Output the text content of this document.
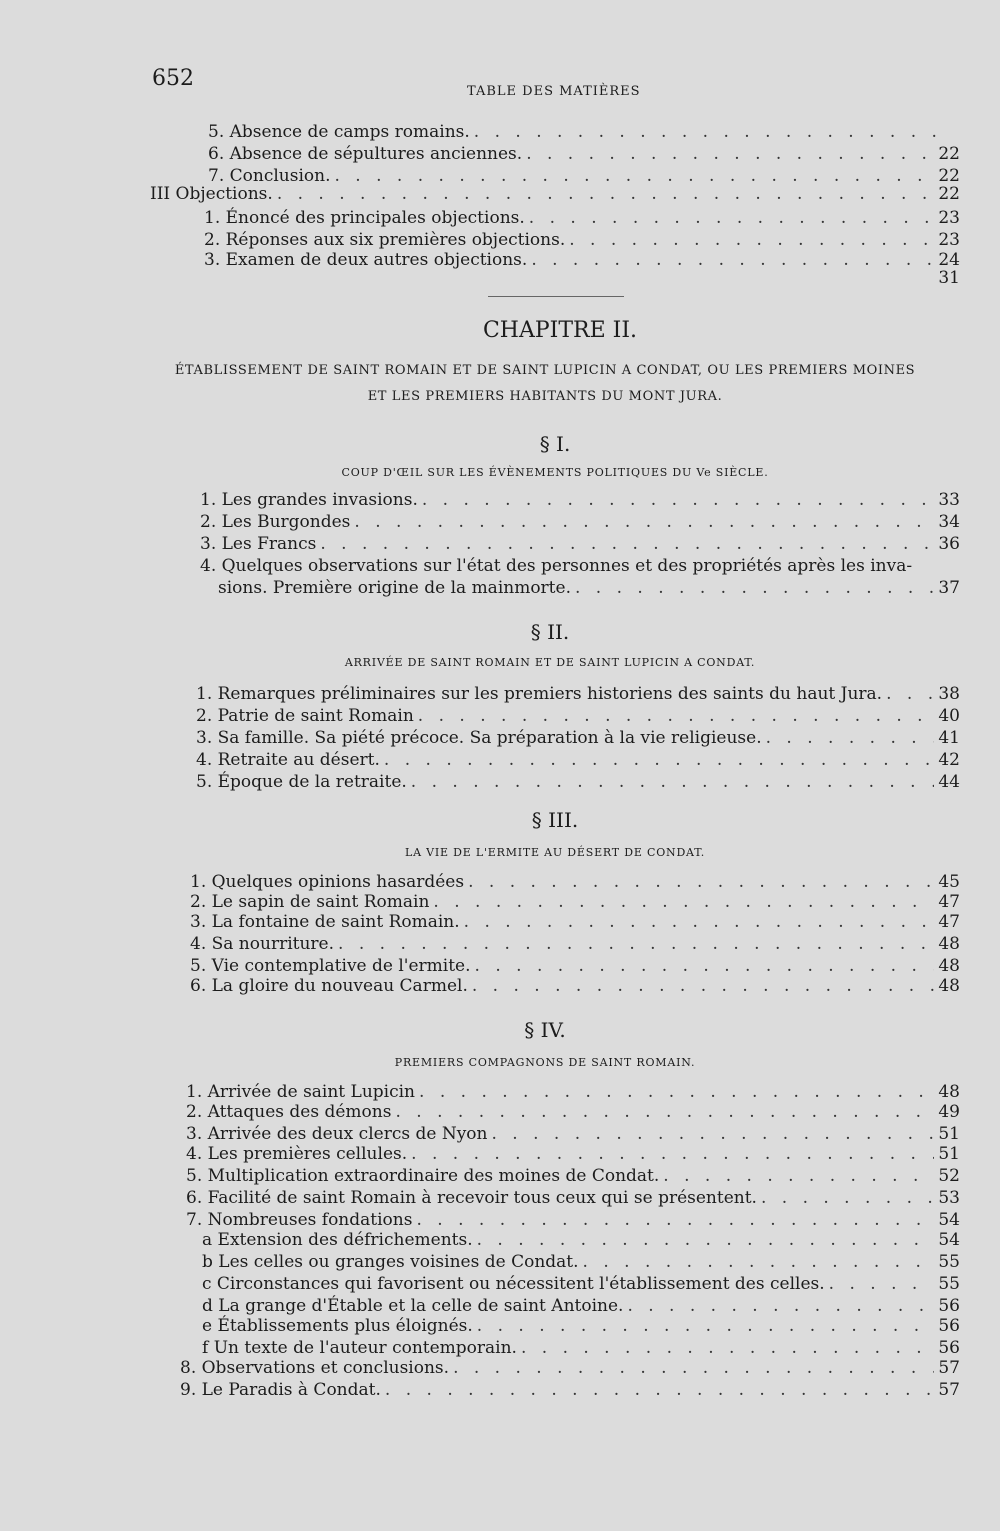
652
TABLE DES MATIÈRES
5. Absence de camps romains.
. . .
6. Absence de sépultures anciennes. . . .	22
7. Conclusion. . . .	22
III Objections. . . .	22
1. Énoncé des principales objections. . . .	23
2. Réponses aux six premières objections. . . .	23
3. Examen de deux autres objections. . . .	24
31
CHAPITRE II.
ÉTABLISSEMENT DE SAINT ROMAIN ET DE SAINT LUPICIN A CONDAT, OU LES PREMIERS MOINES
ET LES PREMIERS HABITANTS DU MONT JURA.
§ I.
COUP D'ŒIL SUR LES ÉVÈNEMENTS POLITIQUES DU Ve SIÈCLE.
1. Les grandes invasions. . . .	33
2. Les Burgondes . . .	34
3. Les Francs . . .	36
4. Quelques observations sur l'état des personnes et des propriétés après les inva-
sions. Première origine de la mainmorte. . . .	37
§ II.
ARRIVÉE DE SAINT ROMAIN ET DE SAINT LUPICIN A CONDAT.
1. Remarques préliminaires sur les premiers historiens des saints du haut Jura. . . .	38
2. Patrie de saint Romain . . .	40
3. Sa famille. Sa piété précoce. Sa préparation à la vie religieuse. . . .	41
4. Retraite au désert. . . .	42
5. Époque de la retraite. . . .	44
§ III.
LA VIE DE L'ERMITE AU DÉSERT DE CONDAT.
1. Quelques opinions hasardées . . .	45
2. Le sapin de saint Romain . . .	47
3. La fontaine de saint Romain. . . .	47
4. Sa nourriture. . . .	48
5. Vie contemplative de l'ermite. . . .	48
6. La gloire du nouveau Carmel. . . .	48
§ IV.
PREMIERS COMPAGNONS DE SAINT ROMAIN.
1. Arrivée de saint Lupicin . . .	48
2. Attaques des démons . . .	49
3. Arrivée des deux clercs de Nyon . . .	51
4. Les premières cellules. . . .	51
5. Multiplication extraordinaire des moines de Condat. . . .	52
6. Facilité de saint Romain à recevoir tous ceux qui se présentent. . . .	53
7. Nombreuses fondations . . .	54
a Extension des défrichements. . . .	54
b Les celles ou granges voisines de Condat. . . .	55
c Circonstances qui favorisent ou nécessitent l'établissement des celles. . . .	55
d La grange d'Étable et la celle de saint Antoine. . . .	56
e Établissements plus éloignés. . . .	56
f Un texte de l'auteur contemporain. . . .	56
8. Observations et conclusions. . . .	57
9. Le Paradis à Condat. . . .	57
